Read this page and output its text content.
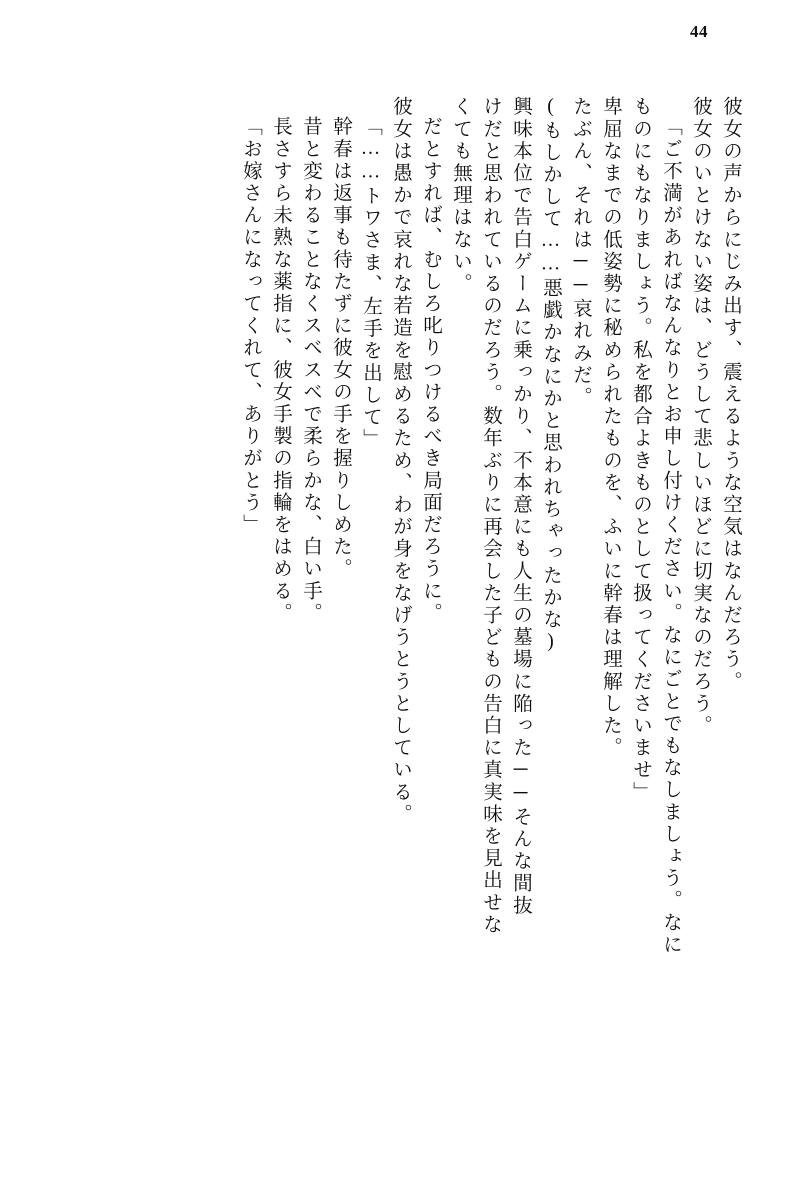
44
彼女の声からにじみ出す、震えるような空気はなんだろう。
彼女のいとけない姿は、どうして悲しいほどに切実なのだろう。
「ご不満があればなんなりとお申し付けください。なにごとでもなしましょう。なに
ものにもなりましょう。私を都合よきものとして扱ってくださいませ」
卑屈なまでの低姿勢に秘められたものを、ふいに幹春は理解した。
たぶん、それは──哀れみだ。
(もしかして……悪戯かなにかと思われちゃったかな)
興味本位で告白ゲームに乗っかり、不本意にも人生の墓場に陥った──そんな間抜
けだと思われているのだろう。数年ぶりに再会した子どもの告白に真実味を見出せな
くても無理はない。
だとすれば、むしろ叱りつけるべき局面だろうに。
彼女は愚かで哀れな若造を慰めるため、わが身をなげうとうとしている。
「……トワさま、左手を出して」
幹春は返事も待たずに彼女の手を握りしめた。
昔と変わることなくスベスベで柔らかな、白い手。
長さすら未熟な薬指に、彼女手製の指輪をはめる。
「お嫁さんになってくれて、ありがとう」
